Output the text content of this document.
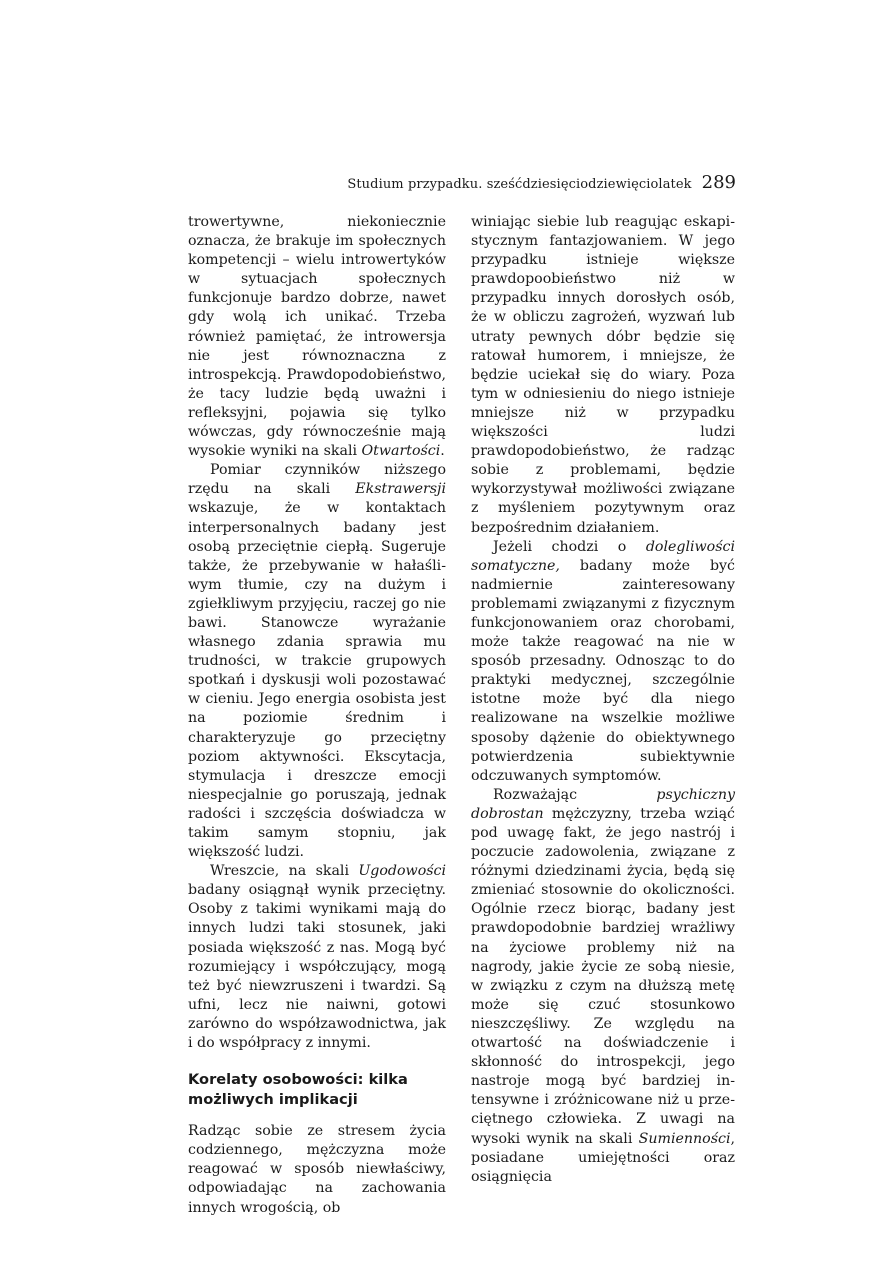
Studium przypadku. sześćdziesięciodziewięciolatek 289

trowertywne, niekoniecznie oznacza, że brakuje im społecznych kompetencji – wielu introwertyków w sytuacjach społecznych funkcjonuje bardzo dobrze, nawet gdy wolą ich unikać. Trzeba również pamiętać, że introwersja nie jest równoznaczna z introspekcją. Prawdopodobieństwo, że tacy ludzie będą uważni i refleksyjni, pojawia się tylko wówczas, gdy równocześnie mają wysokie wyniki na skali Otwartości.

Pomiar czynników niższego rzędu na skali Ekstrawersji wskazuje, że w kontaktach interpersonalnych badany jest osobą przeciętnie ciepłą. Sugeruje także, że przebywanie w hałaśliwym tłumie, czy na dużym i zgiełkliwym przyjęciu, raczej go nie bawi. Stanowcze wyrażanie własnego zdania sprawia mu trudności, w trakcie grupowych spotkań i dyskusji woli pozostawać w cieniu. Jego energia osobista jest na poziomie średnim i charakteryzuje go przeciętny poziom aktywności. Ekscytacja, stymulacja i dreszcze emocji niespecjalnie go poruszają, jednak radości i szczęścia doświadcza w takim samym stopniu, jak większość ludzi.

Wreszcie, na skali Ugodowości badany osiągnął wynik przeciętny. Osoby z takimi wynikami mają do innych ludzi taki stosunek, jaki posiada większość z nas. Mogą być rozumiejący i współczujący, mogą też być niewzruszeni i twardzi. Są ufni, lecz nie naiwni, gotowi zarówno do współzawodnictwa, jak i do współpracy z innymi.

Korelaty osobowości: kilka możliwych implikacji

Radząc sobie ze stresem życia codziennego, mężczyzna może reagować w sposób niewłaściwy, odpowiadając na zachowania innych wrogością, ob

winiając siebie lub reagując eskapistycznym fantazjowaniem. W jego przypadku istnieje większe prawdopoobieństwo niż w przypadku innych dorosłych osób, że w obliczu zagrożeń, wyzwań lub utraty pewnych dóbr będzie się ratował humorem, i mniejsze, że będzie uciekał się do wiary. Poza tym w odniesieniu do niego istnieje mniejsze niż w przypadku większości ludzi prawdopodobieństwo, że radząc sobie z problemami, będzie wykorzystywał możliwości związane z myśleniem pozytywnym oraz bezpośrednim działaniem.

Jeżeli chodzi o dolegliwości somatyczne, badany może być nadmiernie zainteresowany problemami związanymi z fizycznym funkcjonowaniem oraz chorobami, może także reagować na nie w sposób przesadny. Odnosząc to do praktyki medycznej, szczególnie istotne może być dla niego realizowane na wszelkie możliwe sposoby dążenie do obiektywnego potwierdzenia subiektywnie odczuwanych symptomów.

Rozważając psychiczny dobrostan mężczyzny, trzeba wziąć pod uwagę fakt, że jego nastrój i poczucie zadowolenia, związane z różnymi dziedzinami życia, będą się zmieniać stosownie do okoliczności. Ogólnie rzecz biorąc, badany jest prawdopodobnie bardziej wrażliwy na życiowe problemy niż na nagrody, jakie życie ze sobą niesie, w związku z czym na dłuższą metę może się czuć stosunkowo nieszczęśliwy. Ze względu na otwartość na doświadczenie i skłonność do introspekcji, jego nastroje mogą być bardziej intensywne i zróżnicowane niż u przeciętnego człowieka. Z uwagi na wysoki wynik na skali Sumienności, posiadane umiejętności oraz osiągnięcia
